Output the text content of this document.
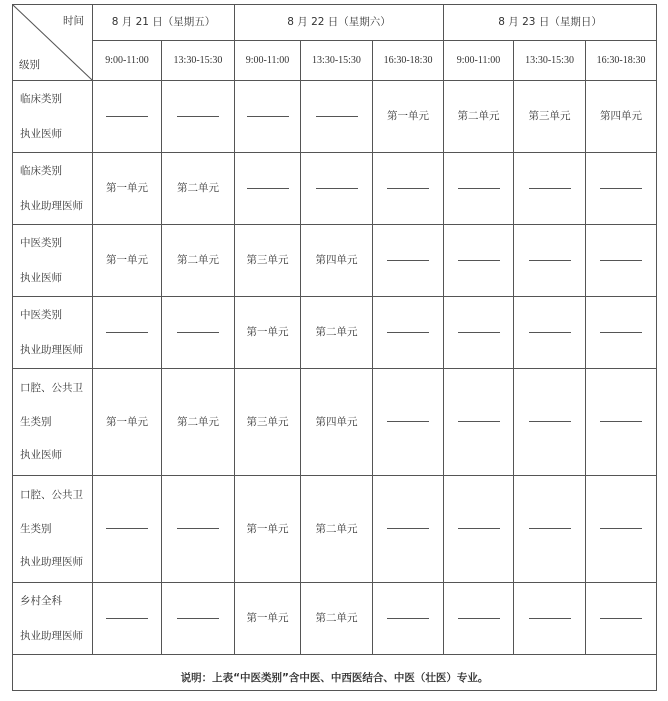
时间
级别	8 月 21 日（星期五）		8 月 22 日（星期六）			8 月 23 日（星期日）		
	9:00-11:00	13:30-15:30	9:00-11:00	13:30-15:30	16:30-18:30	9:00-11:00	13:30-15:30	16:30-18:30

临床类别
执业医师					第一单元	第二单元	第三单元	第四单元

临床类别
执业助理医师	第一单元	第二单元						

中医类别
执业医师	第一单元	第二单元	第三单元	第四单元				

中医类别
执业助理医师			第一单元	第二单元				

口腔、公共卫
生类别
执业医师	第一单元	第二单元	第三单元	第四单元				

口腔、公共卫
生类别
执业助理医师			第一单元	第二单元				

乡村全科
执业助理医师			第一单元	第二单元				
说明：上表“中医类别”含中医、中西医结合、中医（壮医）专业。								
